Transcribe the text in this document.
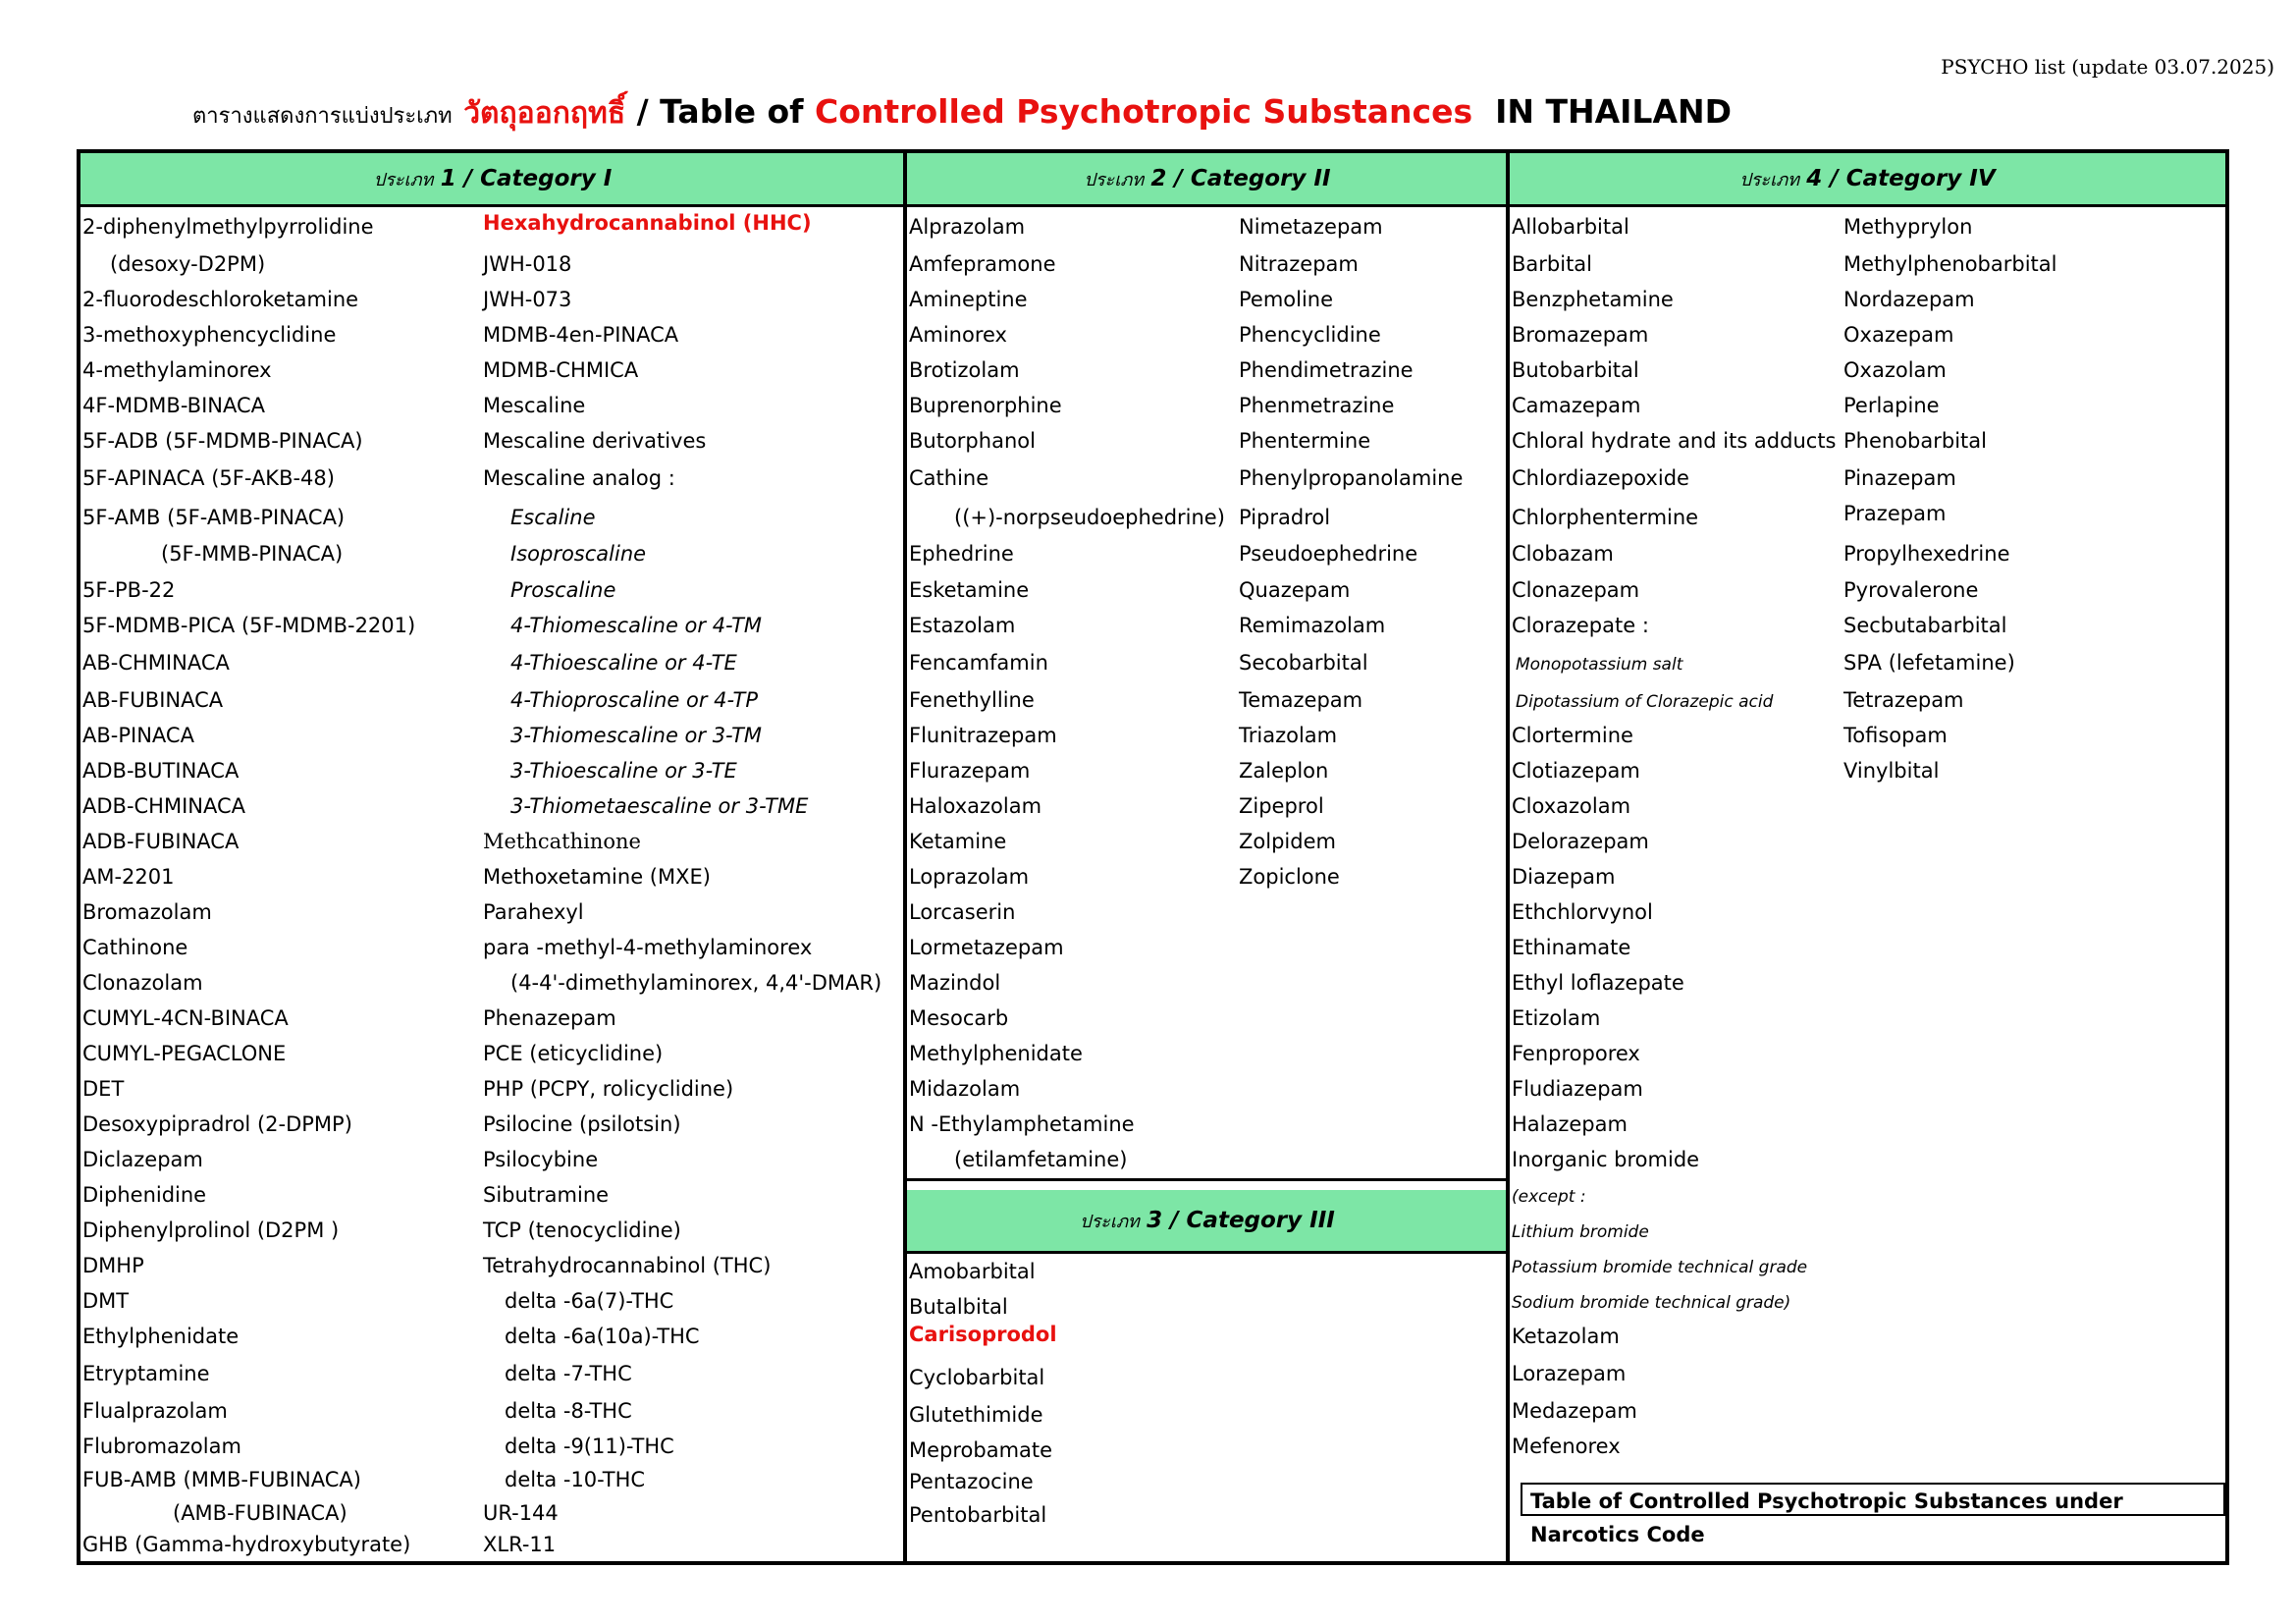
PSYCHO list (update 03.07.2025)
ตารางแสดงการแบ่งประเภท วัตถุออกฤทธิ์ / Table of Controlled Psychotropic Substances IN THAILAND
ประเภท 1 / Category I	ประเภท 2 / Category II	ประเภท 4 / Category IV
ประเภท 3 / Category III
2-diphenylmethylpyrrolidine
(desoxy-D2PM)
2-fluorodeschloroketamine
3-methoxyphencyclidine
4-methylaminorex
4F-MDMB-BINACA
5F-ADB (5F-MDMB-PINACA)
5F-APINACA (5F-AKB-48)
5F-AMB (5F-AMB-PINACA)
(5F-MMB-PINACA)
5F-PB-22
5F-MDMB-PICA (5F-MDMB-2201)
AB-CHMINACA
AB-FUBINACA
AB-PINACA
ADB-BUTINACA
ADB-CHMINACA
ADB-FUBINACA
AM-2201
Bromazolam
Cathinone
Clonazolam
CUMYL-4CN-BINACA
CUMYL-PEGACLONE
DET
Desoxypipradrol (2-DPMP)
Diclazepam
Diphenidine
Diphenylprolinol (D2PM )
DMHP
DMT
Ethylphenidate
Etryptamine
Flualprazolam
Flubromazolam
FUB-AMB (MMB-FUBINACA)
(AMB-FUBINACA)
GHB (Gamma-hydroxybutyrate)
Hexahydrocannabinol (HHC)
JWH-018
JWH-073
MDMB-4en-PINACA
MDMB-CHMICA
Mescaline
Mescaline derivatives
Mescaline analog :
Escaline
Isoproscaline
Proscaline
4-Thiomescaline or 4-TM
4-Thioescaline or 4-TE
4-Thioproscaline or 4-TP
3-Thiomescaline or 3-TM
3-Thioescaline or 3-TE
3-Thiometaescaline or 3-TME
Methcathinone
Methoxetamine (MXE)
Parahexyl
para -methyl-4-methylaminorex
(4-4'-dimethylaminorex, 4,4'-DMAR)
Phenazepam
PCE (eticyclidine)
PHP (PCPY, rolicyclidine)
Psilocine (psilotsin)
Psilocybine
Sibutramine
TCP (tenocyclidine)
Tetrahydrocannabinol (THC)
delta -6a(7)-THC
delta -6a(10a)-THC
delta -7-THC
delta -8-THC
delta -9(11)-THC
delta -10-THC
UR-144
XLR-11
Alprazolam
Amfepramone
Amineptine
Aminorex
Brotizolam
Buprenorphine
Butorphanol
Cathine
((+)-norpseudoephedrine)
Ephedrine
Esketamine
Estazolam
Fencamfamin
Fenethylline
Flunitrazepam
Flurazepam
Haloxazolam
Ketamine
Loprazolam
Lorcaserin
Lormetazepam
Mazindol
Mesocarb
Methylphenidate
Midazolam
N -Ethylamphetamine
(etilamfetamine)
Nimetazepam
Nitrazepam
Pemoline
Phencyclidine
Phendimetrazine
Phenmetrazine
Phentermine
Phenylpropanolamine
Pipradrol
Pseudoephedrine
Quazepam
Remimazolam
Secobarbital
Temazepam
Triazolam
Zaleplon
Zipeprol
Zolpidem
Zopiclone
Amobarbital
Butalbital
Carisoprodol
Cyclobarbital
Glutethimide
Meprobamate
Pentazocine
Pentobarbital
Allobarbital
Barbital
Benzphetamine
Bromazepam
Butobarbital
Camazepam
Chloral hydrate and its adducts
Chlordiazepoxide
Chlorphentermine
Clobazam
Clonazepam
Clorazepate :
Monopotassium salt
Dipotassium of Clorazepic acid
Clortermine
Clotiazepam
Cloxazolam
Delorazepam
Diazepam
Ethchlorvynol
Ethinamate
Ethyl loflazepate
Etizolam
Fenproporex
Fludiazepam
Halazepam
Inorganic bromide
(except :
Lithium bromide
Potassium bromide technical grade
Sodium bromide technical grade)
Ketazolam
Lorazepam
Medazepam
Mefenorex
Methyprylon
Methylphenobarbital
Nordazepam
Oxazepam
Oxazolam
Perlapine
Phenobarbital
Pinazepam
Prazepam
Propylhexedrine
Pyrovalerone
Secbutabarbital
SPA (lefetamine)
Tetrazepam
Tofisopam
Vinylbital
Table of Controlled Psychotropic Substances under Narcotics Code
